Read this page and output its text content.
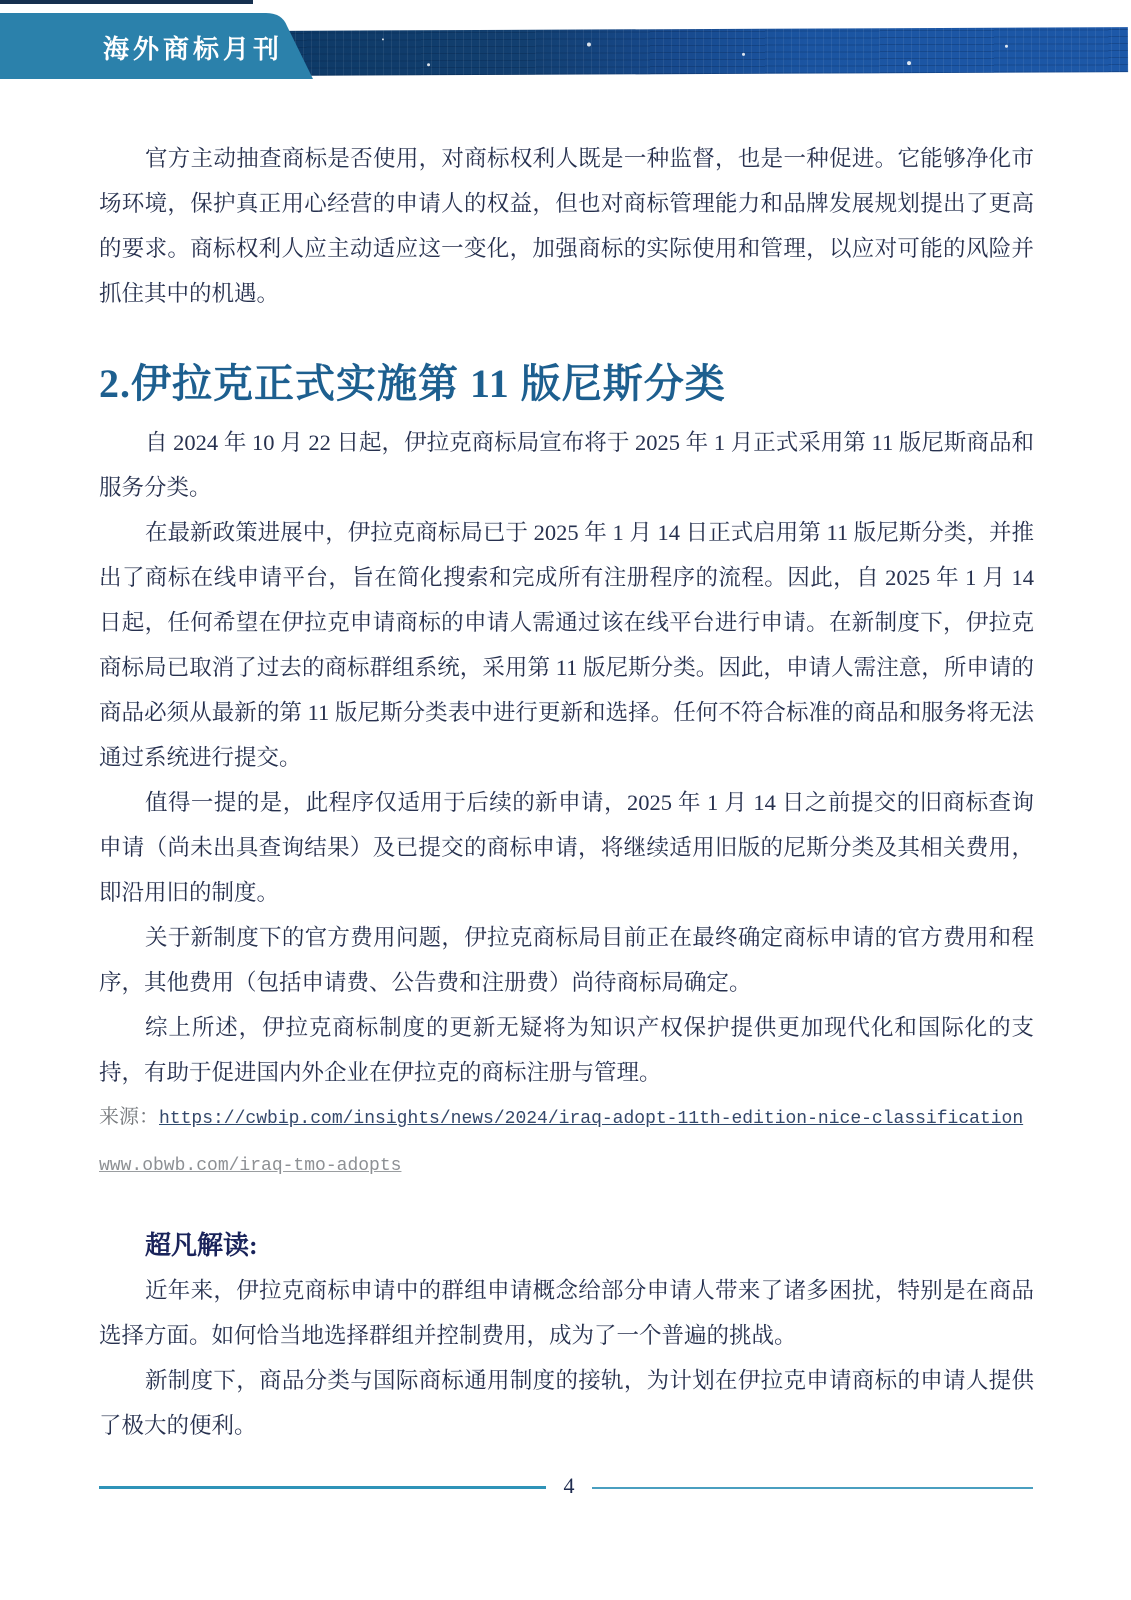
海外商标月刊

官方主动抽查商标是否使用，对商标权利人既是一种监督，也是一种促进。它能够净化市场环境，保护真正用心经营的申请人的权益，但也对商标管理能力和品牌发展规划提出了更高的要求。商标权利人应主动适应这一变化，加强商标的实际使用和管理，以应对可能的风险并抓住其中的机遇。

2.伊拉克正式实施第 11 版尼斯分类

自 2024 年 10 月 22 日起，伊拉克商标局宣布将于 2025 年 1 月正式采用第 11 版尼斯商品和服务分类。

在最新政策进展中，伊拉克商标局已于 2025 年 1 月 14 日正式启用第 11 版尼斯分类，并推出了商标在线申请平台，旨在简化搜索和完成所有注册程序的流程。因此，自 2025 年 1 月 14 日起，任何希望在伊拉克申请商标的申请人需通过该在线平台进行申请。在新制度下，伊拉克商标局已取消了过去的商标群组系统，采用第 11 版尼斯分类。因此，申请人需注意，所申请的商品必须从最新的第 11 版尼斯分类表中进行更新和选择。任何不符合标准的商品和服务将无法通过系统进行提交。

值得一提的是，此程序仅适用于后续的新申请，2025 年 1 月 14 日之前提交的旧商标查询申请（尚未出具查询结果）及已提交的商标申请，将继续适用旧版的尼斯分类及其相关费用，即沿用旧的制度。

关于新制度下的官方费用问题，伊拉克商标局目前正在最终确定商标申请的官方费用和程序，其他费用（包括申请费、公告费和注册费）尚待商标局确定。

综上所述，伊拉克商标制度的更新无疑将为知识产权保护提供更加现代化和国际化的支持，有助于促进国内外企业在伊拉克的商标注册与管理。

来源：https://cwbip.com/insights/news/2024/iraq-adopt-11th-edition-nice-classification

www.obwb.com/iraq-tmo-adopts

超凡解读:

近年来，伊拉克商标申请中的群组申请概念给部分申请人带来了诸多困扰，特别是在商品选择方面。如何恰当地选择群组并控制费用，成为了一个普遍的挑战。

新制度下，商品分类与国际商标通用制度的接轨，为计划在伊拉克申请商标的申请人提供了极大的便利。

4
